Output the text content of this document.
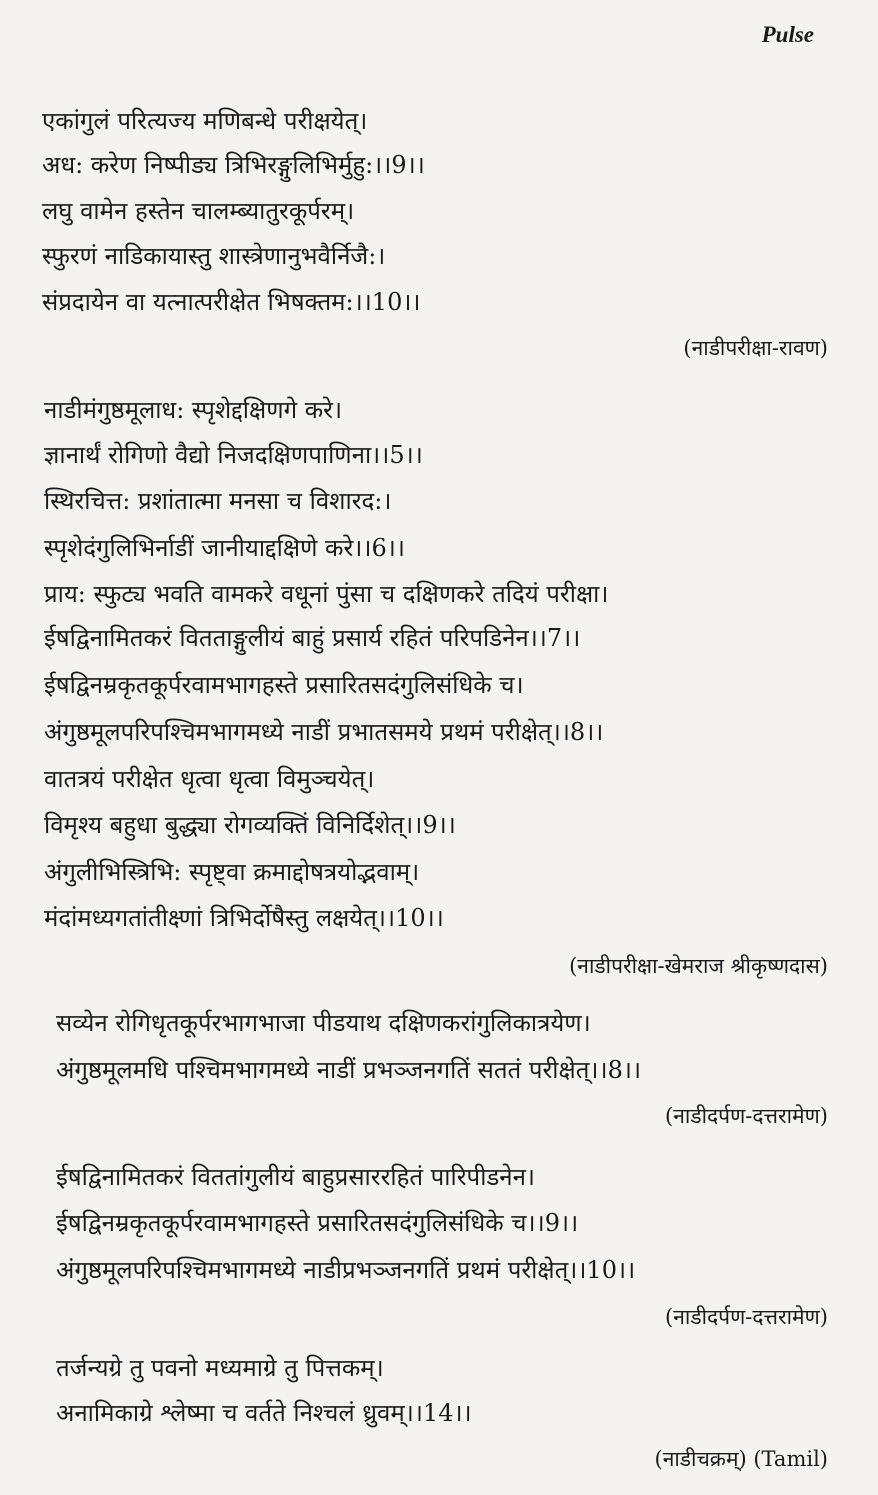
Pulse
एकांगुलं परित्यज्य मणिबन्धे परीक्षयेत्।
अध: करेण निष्पीड्य त्रिभिरङ्गुलिभिर्मुहु:।।9।।
लघु वामेन हस्तेन चालम्ब्यातुरकूर्परम्।
स्फुरणं नाडिकायास्तु शास्त्रेणानुभवैर्निजै:।
संप्रदायेन वा यत्नात्परीक्षेत भिषक्तम:।।10।।
(नाडीपरीक्षा-रावण)
नाडीमंगुष्ठमूलाध: स्पृशेद्दक्षिणगे करे।
ज्ञानार्थं रोगिणो वैद्यो निजदक्षिणपाणिना।।5।।
स्थिरचित्त: प्रशांतात्मा मनसा च विशारद:।
स्पृशेदंगुलिभिर्नाडीं जानीयाद्दक्षिणे करे।।6।।
प्राय: स्फुट्य भवति वामकरे वधूनां पुंसा च दक्षिणकरे तदियं परीक्षा।
ईषद्विनामितकरं वितताङ्गुलीयं बाहुं प्रसार्य रहितं परिपडिनेन।।7।।
ईषद्विनम्रकृतकूर्परवामभागहस्ते प्रसारितसदंगुलिसंधिके च।
अंगुष्ठमूलपरिपश्चिमभागमध्ये नाडीं प्रभातसमये प्रथमं परीक्षेत्।।8।।
वातत्रयं परीक्षेत धृत्वा धृत्वा विमुञ्चयेत्।
विमृश्य बहुधा बुद्ध्या रोगव्यक्तिं विनिर्दिशेत्।।9।।
अंगुलीभिस्त्रिभि: स्पृष्ट्वा क्रमाद्दोषत्रयोद्भवाम्।
मंदांमध्यगतांतीक्ष्णां त्रिभिर्दोषैस्तु लक्षयेत्।।10।।
(नाडीपरीक्षा-खेमराज श्रीकृष्णदास)
सव्येन रोगिधृतकूर्परभागभाजा पीडयाथ दक्षिणकरांगुलिकात्रयेण।
अंगुष्ठमूलमधि पश्चिमभागमध्ये नाडीं प्रभञ्जनगतिं सततं परीक्षेत्।।8।।
(नाडीदर्पण-दत्तरामेण)
ईषद्विनामितकरं विततांगुलीयं बाहुप्रसाररहितं पारिपीडनेन।
ईषद्विनम्रकृतकूर्परवामभागहस्ते प्रसारितसदंगुलिसंधिके च।।9।।
अंगुष्ठमूलपरिपश्चिमभागमध्ये नाडीप्रभञ्जनगतिं प्रथमं परीक्षेत्।।10।।
(नाडीदर्पण-दत्तरामेण)
तर्जन्यग्रे तु पवनो मध्यमाग्रे तु पित्तकम्।
अनामिकाग्रे श्लेष्मा च वर्तते निश्चलं ध्रुवम्।।14।।
(नाडीचक्रम्) (Tamil)
